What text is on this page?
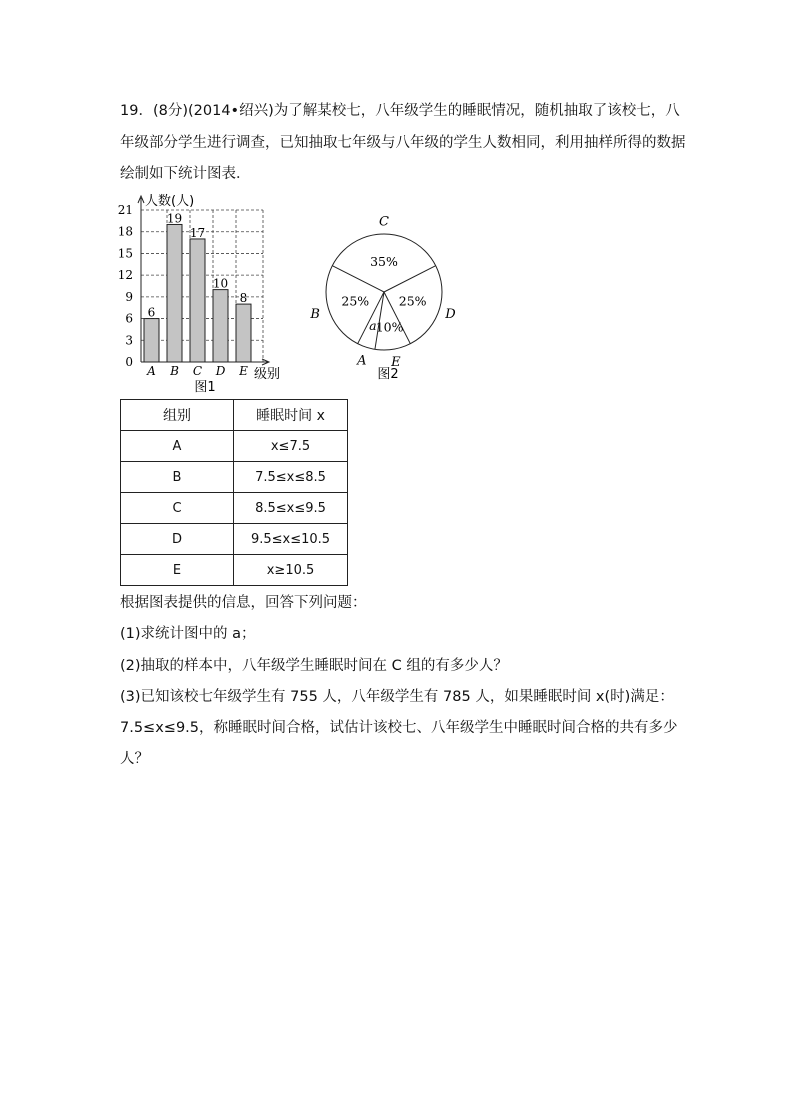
19．(8分)(2014•绍兴)为了解某校七，八年级学生的睡眠情况，随机抽取了该校七，八
年级部分学生进行调查，已知抽取七年级与八年级的学生人数相同，利用抽样所得的数据
绘制如下统计图表．
0
3
6
9
12
15
18
21
人数(人)
级别
6
A
19
B
17
C
10
D
8
E
图1
35%
C
25%
D
10%
E
a
A
25%
B
图2
组别	睡眠时间 x
A	x≤7.5
B	7.5≤x≤8.5
C	8.5≤x≤9.5
D	9.5≤x≤10.5
E	x≥10.5
根据图表提供的信息，回答下列问题：
(1)求统计图中的 a；
(2)抽取的样本中，八年级学生睡眠时间在 C 组的有多少人？
(3)已知该校七年级学生有 755 人，八年级学生有 785 人，如果睡眠时间 x(时)满足：
7.5≤x≤9.5，称睡眠时间合格，试估计该校七、八年级学生中睡眠时间合格的共有多少
人？
